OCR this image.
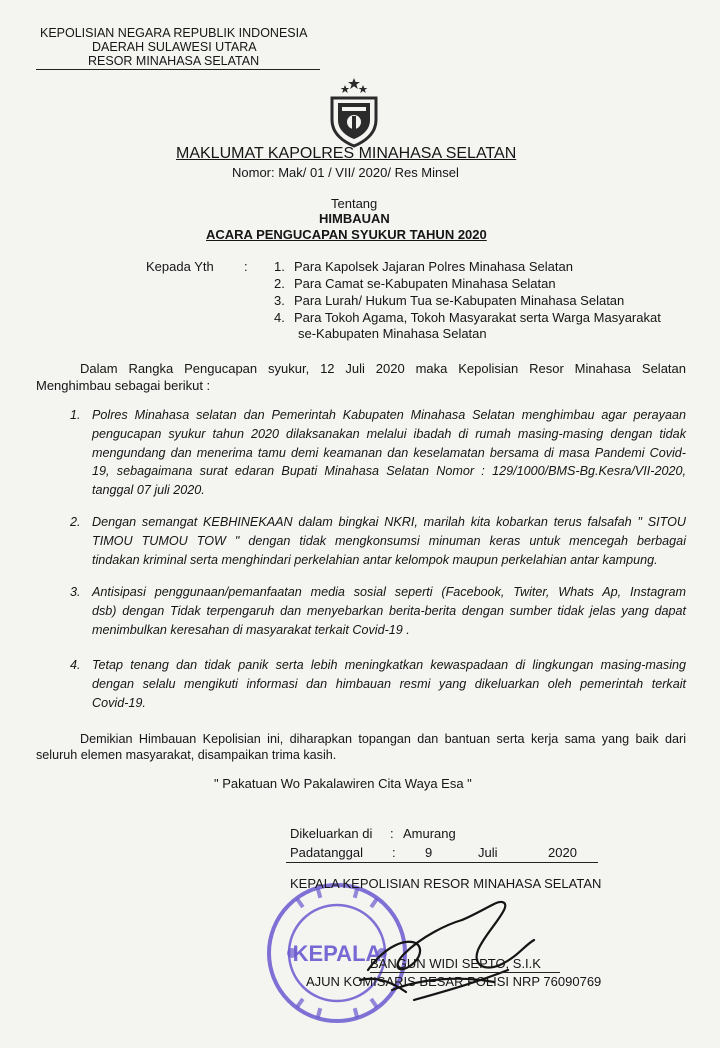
KEPOLISIAN NEGARA REPUBLIK INDONESIA
DAERAH SULAWESI UTARA
RESOR MINAHASA SELATAN
MAKLUMAT KAPOLRES MINAHASA SELATAN
Nomor: Mak/ 01 / VII/ 2020/ Res Minsel
Tentang
HIMBAUAN
ACARA PENGUCAPAN SYUKUR TAHUN 2020
Kepada Yth : 1. Para Kapolsek Jajaran Polres Minahasa Selatan
2. Para Camat se-Kabupaten Minahasa Selatan
3. Para Lurah/ Hukum Tua se-Kabupaten Minahasa Selatan
4. Para Tokoh Agama, Tokoh Masyarakat serta Warga Masyarakat
se-Kabupaten Minahasa Selatan
Dalam Rangka Pengucapan syukur, 12 Juli 2020 maka Kepolisian Resor Minahasa Selatan
Menghimbau sebagai berikut :
1. Polres Minahasa selatan dan Pemerintah Kabupaten Minahasa Selatan menghimbau agar perayaan
pengucapan syukur tahun 2020 dilaksanakan melalui ibadah di rumah masing-masing dengan tidak
mengundang dan menerima tamu demi keamanan dan keselamatan bersama di masa Pandemi Covid-
19, sebagaimana surat edaran Bupati Minahasa Selatan Nomor : 129/1000/BMS-Bg.Kesra/VII-2020,
tanggal 07 juli 2020.
2. Dengan semangat KEBHINEKAAN dalam bingkai NKRI, marilah kita kobarkan terus falsafah " SITOU
TIMOU TUMOU TOW " dengan tidak mengkonsumsi minuman keras untuk mencegah berbagai
tindakan kriminal serta menghindari perkelahian antar kelompok maupun perkelahian antar kampung.
3. Antisipasi penggunaan/pemanfaatan media sosial seperti (Facebook, Twiter, Whats Ap, Instagram
dsb) dengan Tidak terpengaruh dan menyebarkan berita-berita dengan sumber tidak jelas yang dapat
menimbulkan keresahan di masyarakat terkait Covid-19 .
4. Tetap tenang dan tidak panik serta lebih meningkatkan kewaspadaan di lingkungan masing-masing
dengan selalu mengikuti informasi dan himbauan resmi yang dikeluarkan oleh pemerintah terkait
Covid-19.
Demikian Himbauan Kepolisian ini, diharapkan topangan dan bantuan serta kerja sama yang baik dari
seluruh elemen masyarakat, disampaikan trima kasih.
" Pakatuan Wo Pakalawiren Cita Waya Esa "
Dikeluarkan di : Amurang
Padatanggal : 9	Juli	2020
KEPALA
KEPALA KEPOLISIAN RESOR MINAHASA SELATAN
BANGUN WIDI SEPTO, S.I.K
AJUN KOMISARIS BESAR POLISI NRP 76090769
